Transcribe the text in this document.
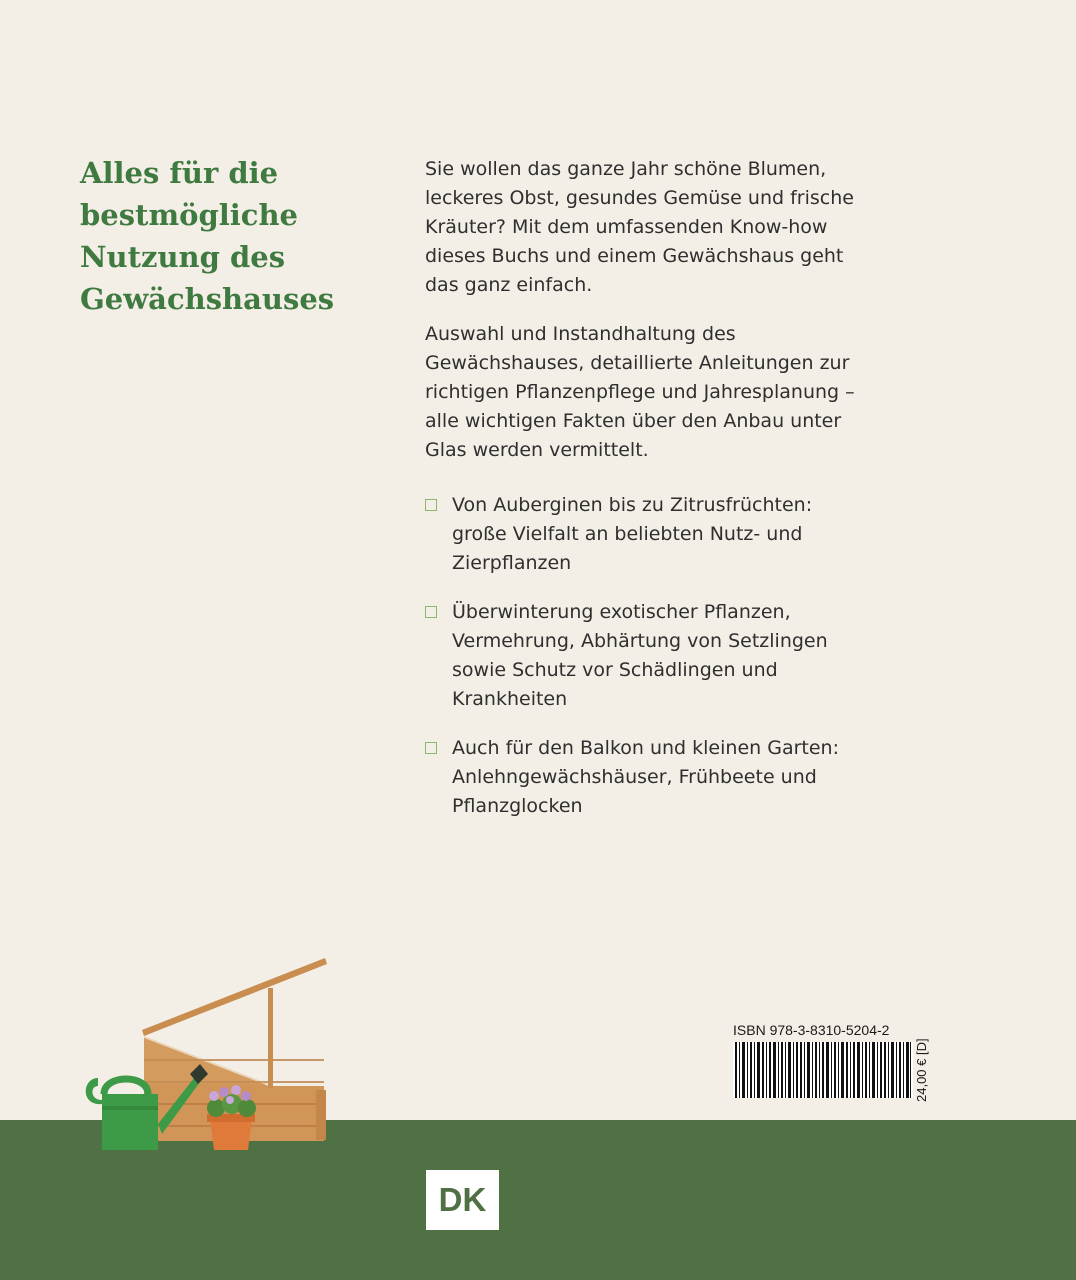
Alles für die bestmögliche Nutzung des Gewächshauses

Sie wollen das ganze Jahr schöne Blumen, leckeres Obst, gesundes Gemüse und frische Kräuter? Mit dem umfassenden Know-how dieses Buchs und einem Gewächshaus geht das ganz einfach.

Auswahl und Instandhaltung des Gewächshauses, detaillierte Anleitungen zur richtigen Pflanzenpflege und Jahresplanung – alle wichtigen Fakten über den Anbau unter Glas werden vermittelt.

Von Auberginen bis zu Zitrusfrüchten: große Vielfalt an beliebten Nutz- und Zierpflanzen
Überwinterung exotischer Pflanzen, Vermehrung, Abhärtung von Setzlingen sowie Schutz vor Schädlingen und Krankheiten
Auch für den Balkon und kleinen Garten: Anlehngewächshäuser, Frühbeete und Pflanzglocken
ISBN 978-3-8310-5204-2
24,00 € [D]
DK
